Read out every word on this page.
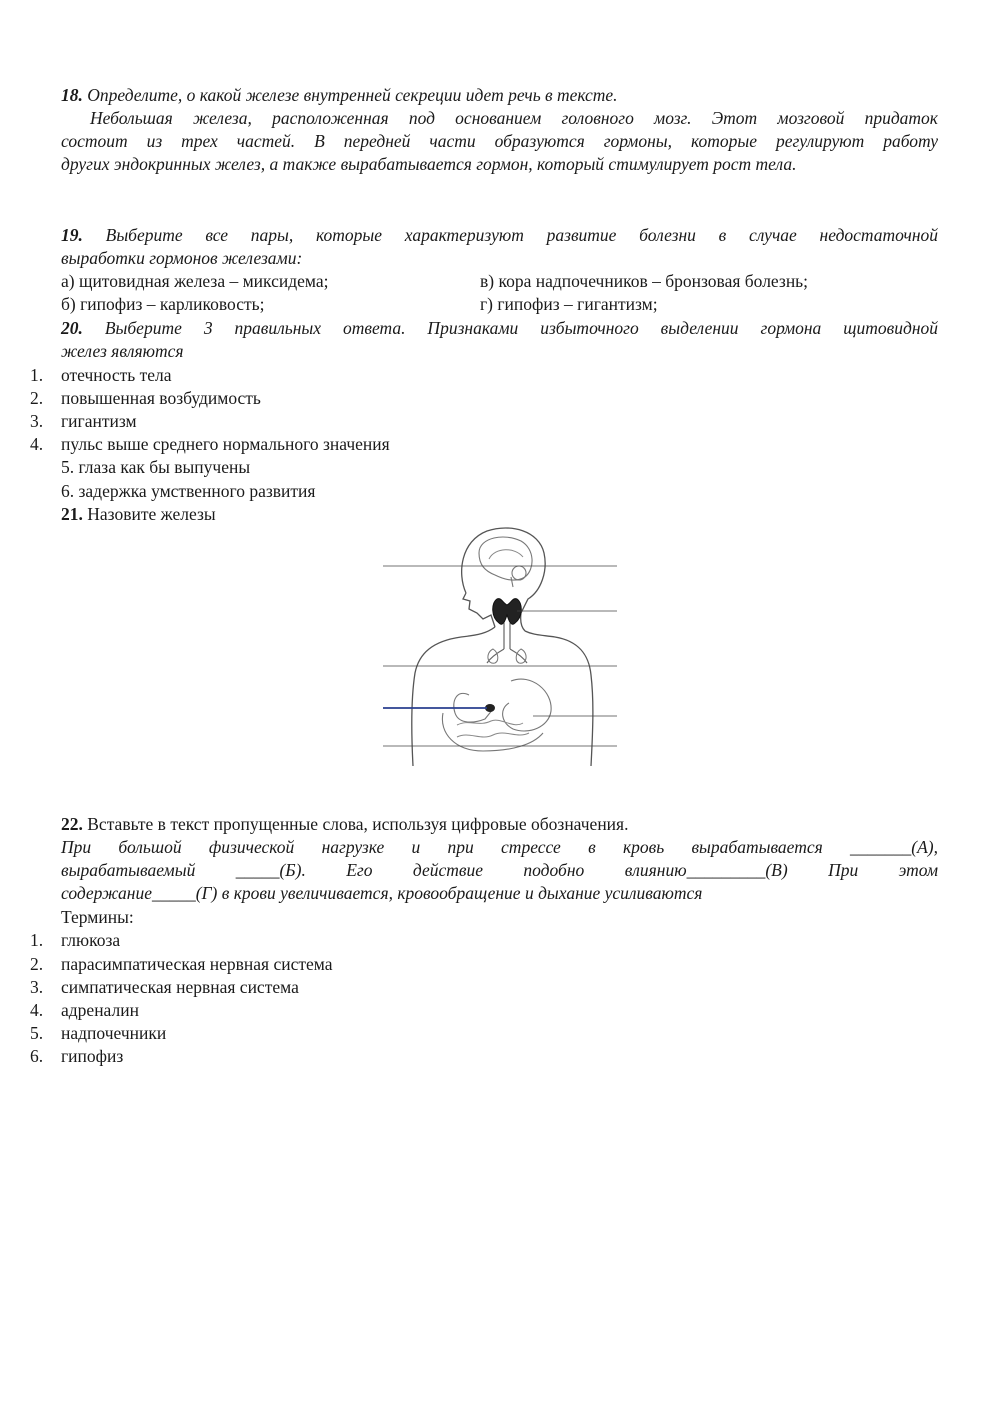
18. Определите, о какой железе внутренней секреции идет речь в тексте.
Небольшая железа, расположенная под основанием головного мозг. Этот мозговой придаток
состоит из трех частей. В передней части образуются гормоны, которые регулируют работу
других эндокринных желез, а также вырабатывается гормон, который стимулирует рост тела.
19. Выберите все пары, которые характеризуют развитие болезни в случае недостаточной
выработки гормонов железами:
а) щитовидная железа – миксидема;	в) кора надпочечников – бронзовая болезнь;
б) гипофиз – карликовость;	г) гипофиз – гигантизм;
20. Выберите 3 правильных ответа. Признаками избыточного выделении гормона щитовидной
желез являются
1.	отечность тела
2.	повышенная возбудимость
3.	гигантизм
4.	пульс выше среднего нормального значения
5. глаза как бы выпучены
6. задержка умственного развития
21. Назовите железы
22. Вставьте в текст пропущенные слова, используя цифровые обозначения.
При большой физической нагрузке и при стрессе в кровь вырабатывается _______(А),
вырабатываемый _____(Б). Его действие подобно влиянию_________(В) При этом
содержание_____(Г) в крови увеличивается, кровообращение и дыхание усиливаются
Термины:
1.	глюкоза
2.	парасимпатическая нервная система
3.	симпатическая нервная система
4.	адреналин
5.	надпочечники
6.	гипофиз
